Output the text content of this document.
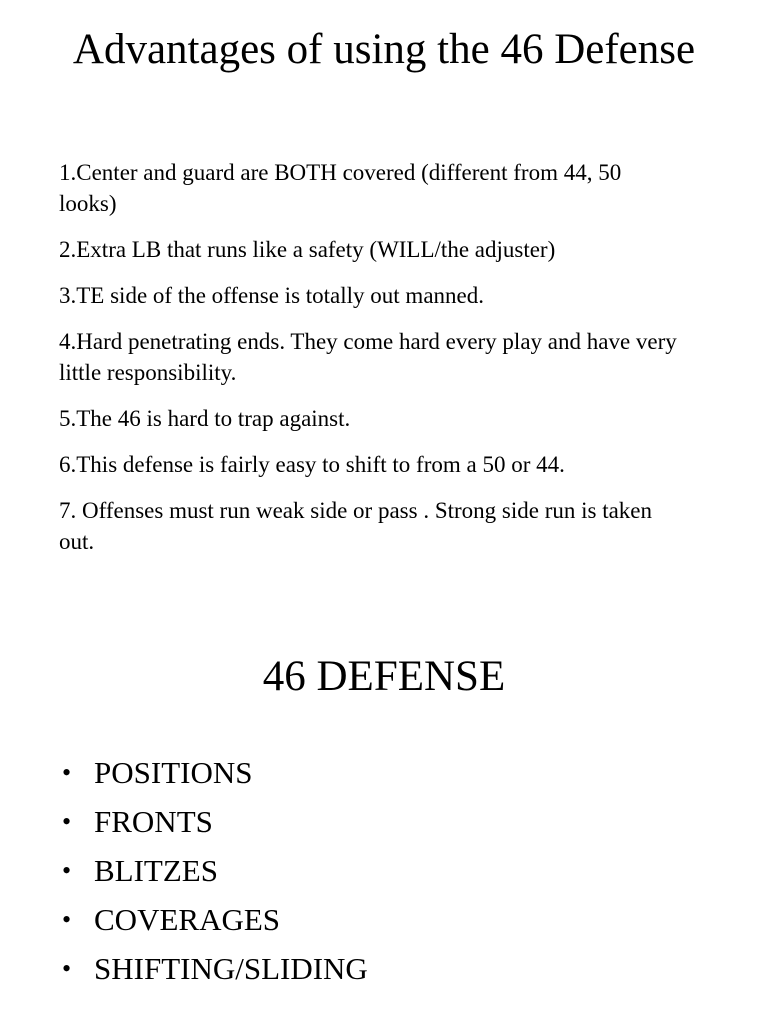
Advantages of using the 46 Defense
1.Center and guard are BOTH covered (different from 44, 50 looks)
2.Extra LB that runs like a safety (WILL/the adjuster)
3.TE side of the offense is totally out manned.
4.Hard penetrating ends. They come hard every play and have very little responsibility.
5.The 46 is hard to trap against.
6.This defense is fairly easy to shift to from a 50 or 44.
7. Offenses must run weak side or pass . Strong side run is taken out.
46 DEFENSE
• POSITIONS
• FRONTS
• BLITZES
• COVERAGES
• SHIFTING/SLIDING
